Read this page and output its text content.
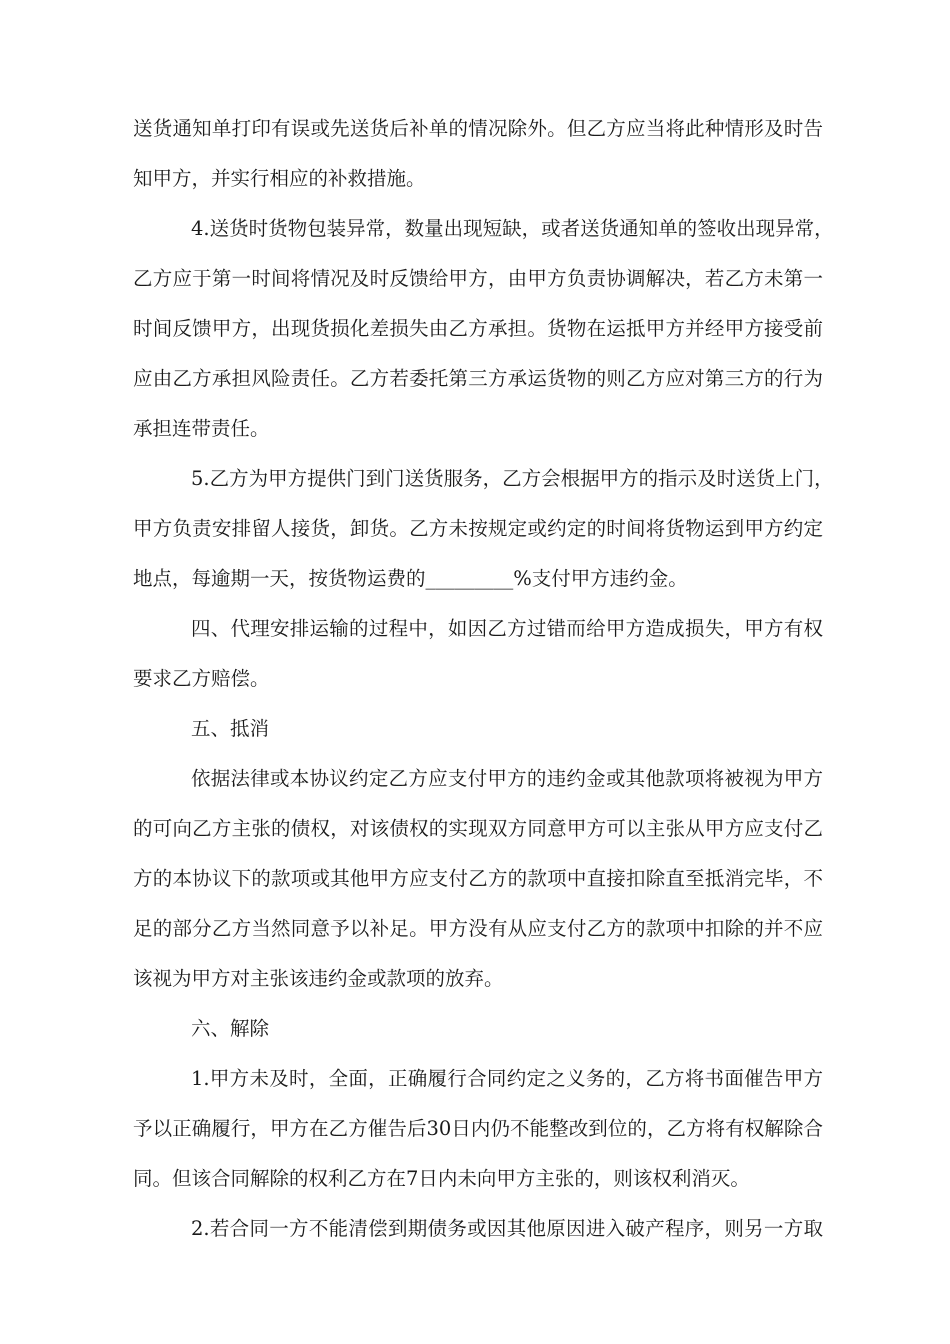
送货通知单打印有误或先送货后补单的情况除外。但乙方应当将此种情形及时告
知甲方，并实行相应的补救措施。
4.送货时货物包装异常，数量出现短缺，或者送货通知单的签收出现异常，
乙方应于第一时间将情况及时反馈给甲方，由甲方负责协调解决，若乙方未第一
时间反馈甲方，出现货损化差损失由乙方承担。货物在运抵甲方并经甲方接受前
应由乙方承担风险责任。乙方若委托第三方承运货物的则乙方应对第三方的行为
承担连带责任。
5.乙方为甲方提供门到门送货服务，乙方会根据甲方的指示及时送货上门，
甲方负责安排留人接货，卸货。乙方未按规定或约定的时间将货物运到甲方约定
地点，每逾期一天，按货物运费的_________%支付甲方违约金。
四、代理安排运输的过程中，如因乙方过错而给甲方造成损失，甲方有权
要求乙方赔偿。
五、抵消
依据法律或本协议约定乙方应支付甲方的违约金或其他款项将被视为甲方
的可向乙方主张的债权，对该债权的实现双方同意甲方可以主张从甲方应支付乙
方的本协议下的款项或其他甲方应支付乙方的款项中直接扣除直至抵消完毕，不
足的部分乙方当然同意予以补足。甲方没有从应支付乙方的款项中扣除的并不应
该视为甲方对主张该违约金或款项的放弃。
六、解除
1.甲方未及时，全面，正确履行合同约定之义务的，乙方将书面催告甲方
予以正确履行，甲方在乙方催告后30日内仍不能整改到位的，乙方将有权解除合
同。但该合同解除的权利乙方在7日内未向甲方主张的，则该权利消灭。
2.若合同一方不能清偿到期债务或因其他原因进入破产程序，则另一方取
